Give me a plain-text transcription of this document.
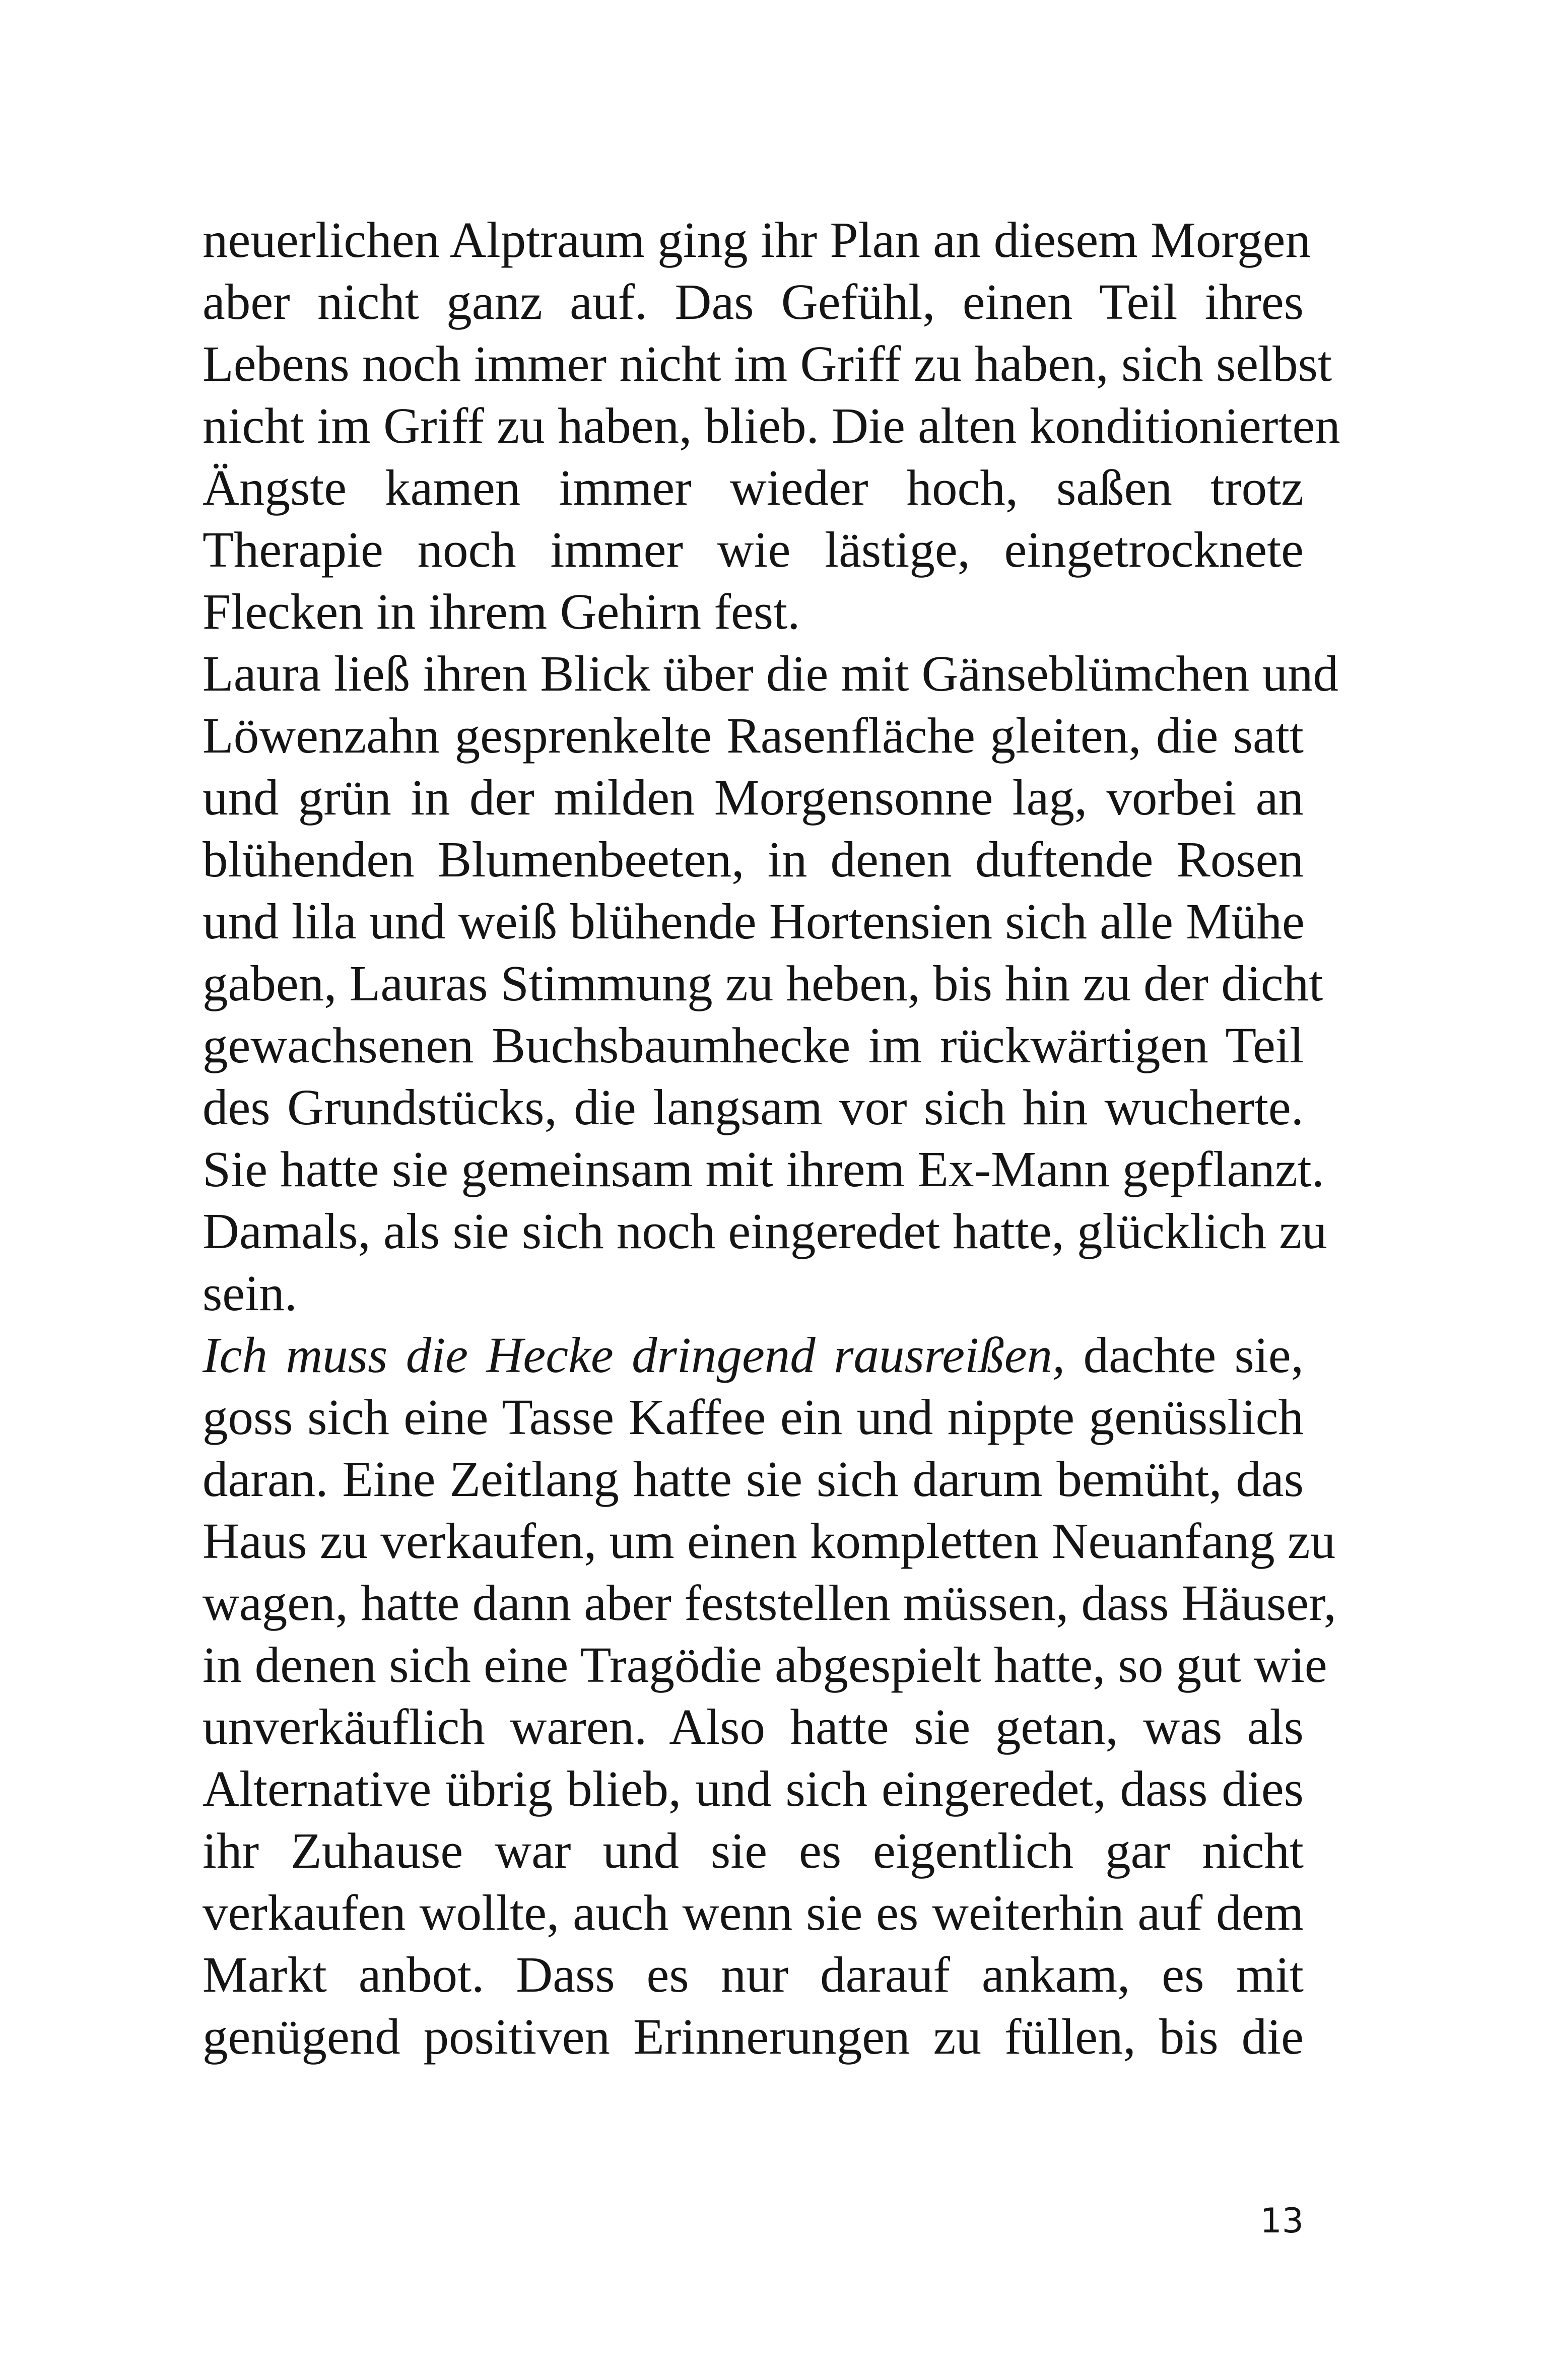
neuerlichen Alptraum ging ihr Plan an diesem Morgen
aber nicht ganz auf. Das Gefühl, einen Teil ihres
Lebens noch immer nicht im Griff zu haben, sich selbst
nicht im Griff zu haben, blieb. Die alten konditionierten
Ängste kamen immer wieder hoch, saßen trotz
Therapie noch immer wie lästige, eingetrocknete
Flecken in ihrem Gehirn fest.
Laura ließ ihren Blick über die mit Gänseblümchen und
Löwenzahn gesprenkelte Rasenfläche gleiten, die satt
und grün in der milden Morgensonne lag, vorbei an
blühenden Blumenbeeten, in denen duftende Rosen
und lila und weiß blühende Hortensien sich alle Mühe
gaben, Lauras Stimmung zu heben, bis hin zu der dicht
gewachsenen Buchsbaumhecke im rückwärtigen Teil
des Grundstücks, die langsam vor sich hin wucherte.
Sie hatte sie gemeinsam mit ihrem Ex-Mann gepflanzt.
Damals, als sie sich noch eingeredet hatte, glücklich zu
sein.
Ich muss die Hecke dringend rausreißen, dachte sie,
goss sich eine Tasse Kaffee ein und nippte genüsslich
daran. Eine Zeitlang hatte sie sich darum bemüht, das
Haus zu verkaufen, um einen kompletten Neuanfang zu
wagen, hatte dann aber feststellen müssen, dass Häuser,
in denen sich eine Tragödie abgespielt hatte, so gut wie
unverkäuflich waren. Also hatte sie getan, was als
Alternative übrig blieb, und sich eingeredet, dass dies
ihr Zuhause war und sie es eigentlich gar nicht
verkaufen wollte, auch wenn sie es weiterhin auf dem
Markt anbot. Dass es nur darauf ankam, es mit
genügend positiven Erinnerungen zu füllen, bis die
13
